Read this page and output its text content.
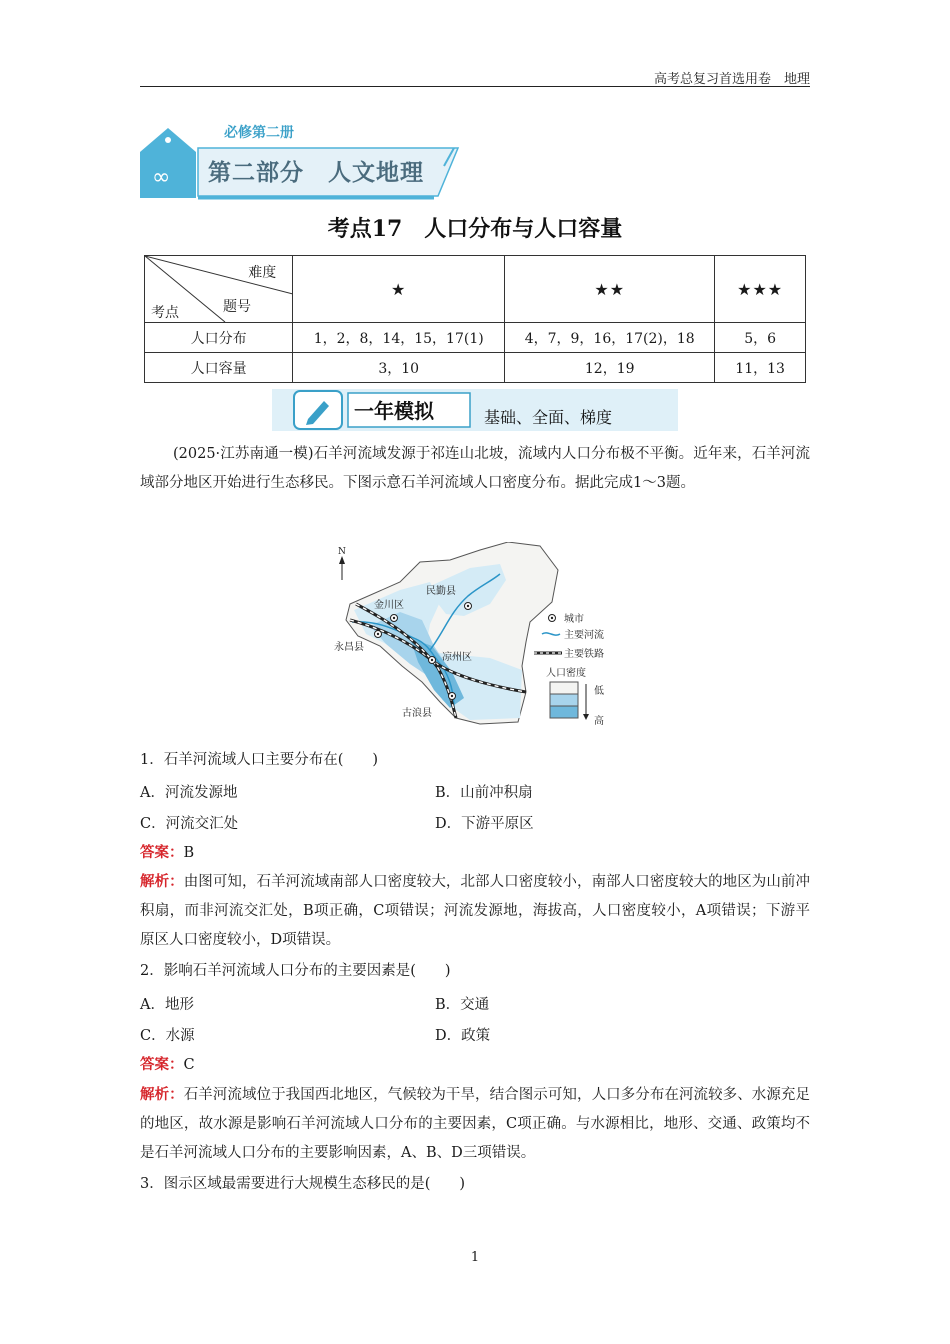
高考总复习首选用卷　地理
∞
必修第二册
第二部分　人文地理
考点17　人口分布与人口容量
难度
题号
考点	★	★★	★★★
人口分布	1，2，8，14，15，17(1)	4，7，9，16，17(2)，18	5，6
人口容量	3，10	12，19	11，13
一年模拟	基础、全面、梯度
(2025·江苏南通一模)石羊河流域发源于祁连山北坡，流域内人口分布极不平衡。近年来，石羊河流域部分地区开始进行生态移民。下图示意石羊河流域人口密度分布。据此完成1～3题。
N
民勤县
金川区
永昌县
凉州区
古浪县
城市
主要河流
主要铁路
人口密度
低
高
1．石羊河流域人口主要分布在(　　)
A．河流发源地	B．山前冲积扇
C．河流交汇处	D．下游平原区
答案：B
解析：由图可知，石羊河流域南部人口密度较大，北部人口密度较小，南部人口密度较大的地区为山前冲积扇，而非河流交汇处，B项正确，C项错误；河流发源地，海拔高，人口密度较小，A项错误；下游平原区人口密度较小，D项错误。
2．影响石羊河流域人口分布的主要因素是(　　)
A．地形	B．交通
C．水源	D．政策
答案：C
解析：石羊河流域位于我国西北地区，气候较为干旱，结合图示可知，人口多分布在河流较多、水源充足的地区，故水源是影响石羊河流域人口分布的主要因素，C项正确。与水源相比，地形、交通、政策均不是石羊河流域人口分布的主要影响因素，A、B、D三项错误。
3．图示区域最需要进行大规模生态移民的是(　　)
1
